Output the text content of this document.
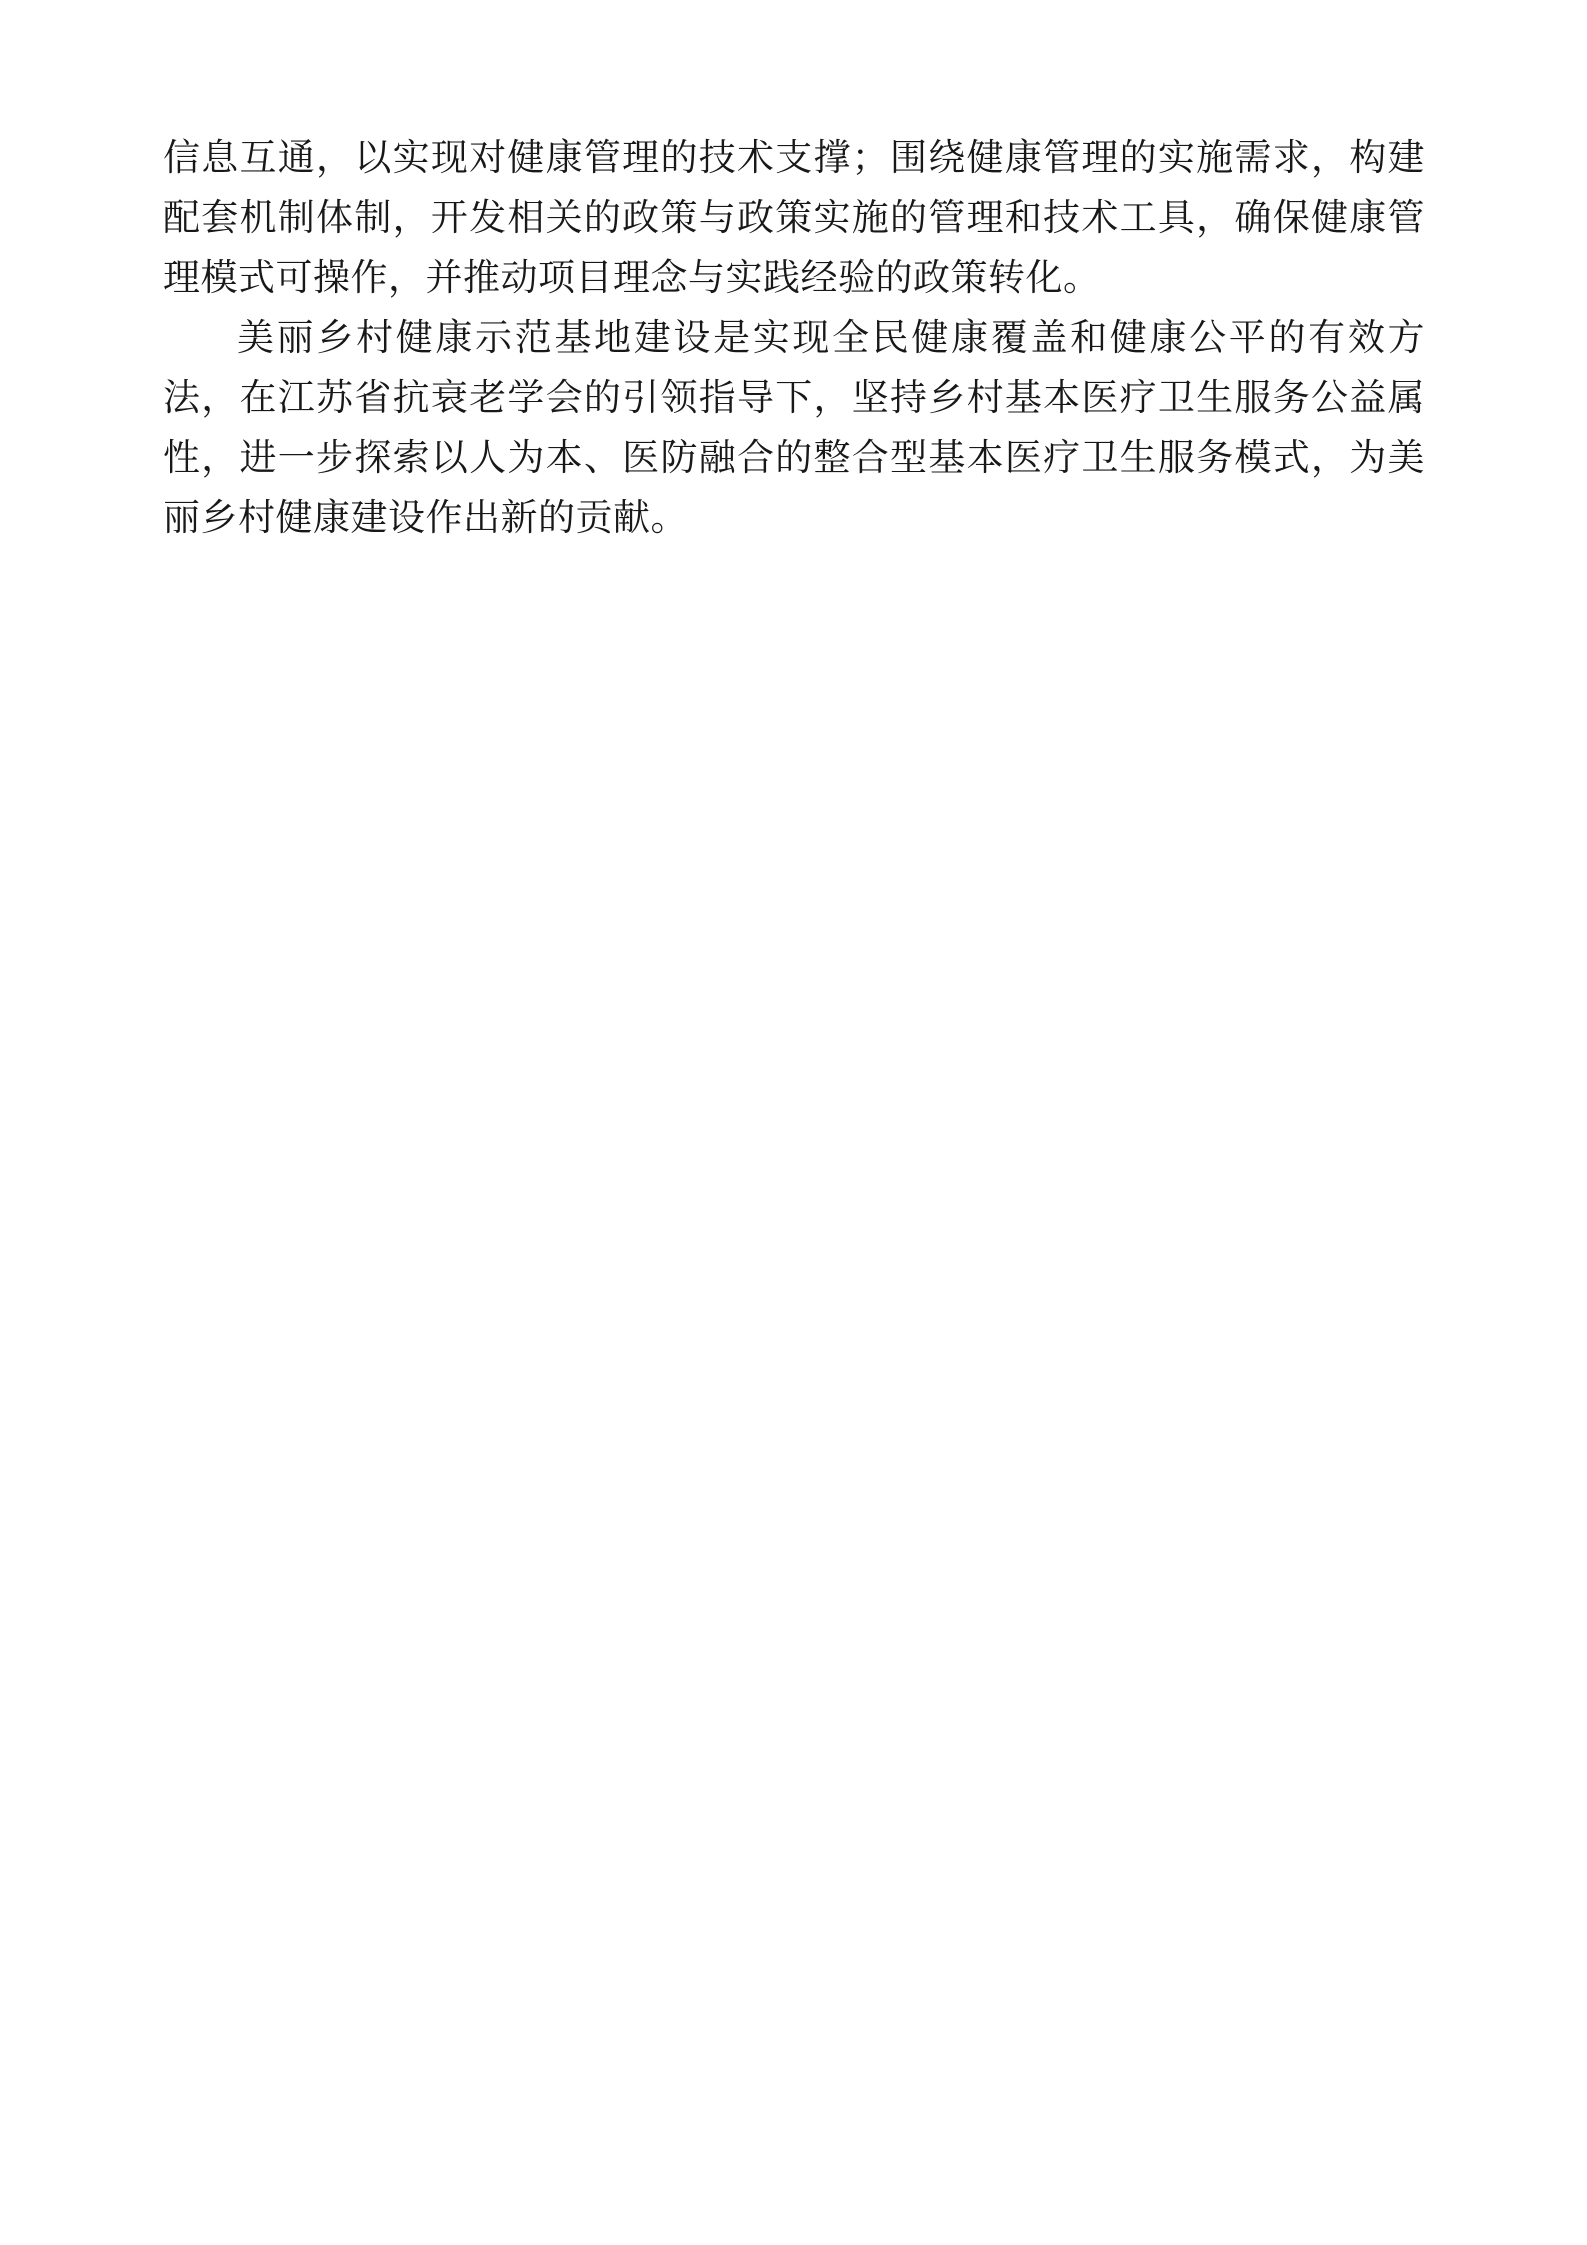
信息互通，以实现对健康管理的技术支撑；围绕健康管理的实施需求，构建配套机制体制，开发相关的政策与政策实施的管理和技术工具，确保健康管理模式可操作，并推动项目理念与实践经验的政策转化。

美丽乡村健康示范基地建设是实现全民健康覆盖和健康公平的有效方法，在江苏省抗衰老学会的引领指导下，坚持乡村基本医疗卫生服务公益属性，进一步探索以人为本、医防融合的整合型基本医疗卫生服务模式，为美丽乡村健康建设作出新的贡献。
